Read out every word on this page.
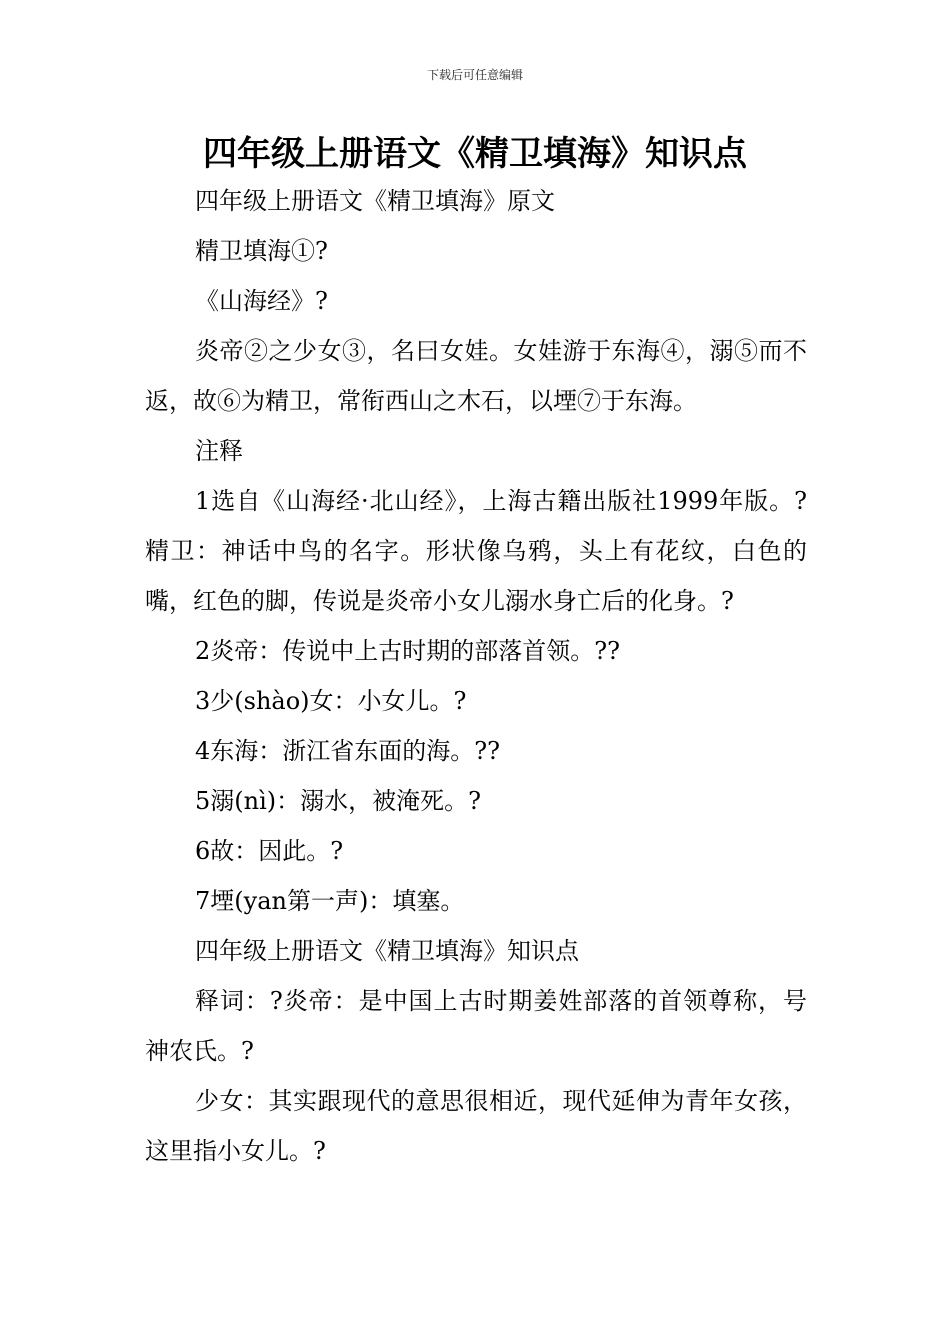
下载后可任意编辑
四年级上册语文《精卫填海》知识点

四年级上册语文《精卫填海》原文

精卫填海①?

《山海经》?

炎帝②之少女③，名曰女娃。女娃游于东海④，溺⑤而不返，故⑥为精卫，常衔西山之木石，以堙⑦于东海。

注释

1选自《山海经·北山经》，上海古籍出版社1999年版。?精卫：神话中鸟的名字。形状像乌鸦，头上有花纹，白色的嘴，红色的脚，传说是炎帝小女儿溺水身亡后的化身。?

2炎帝：传说中上古时期的部落首领。??

3少(shào)女：小女儿。?

4东海：浙江省东面的海。??

5溺(nì)：溺水，被淹死。?

6故：因此。?

7堙(yan第一声)：填塞。

四年级上册语文《精卫填海》知识点

释词：?炎帝：是中国上古时期姜姓部落的首领尊称，号神农氏。?

少女：其实跟现代的意思很相近，现代延伸为青年女孩，这里指小女儿。?
